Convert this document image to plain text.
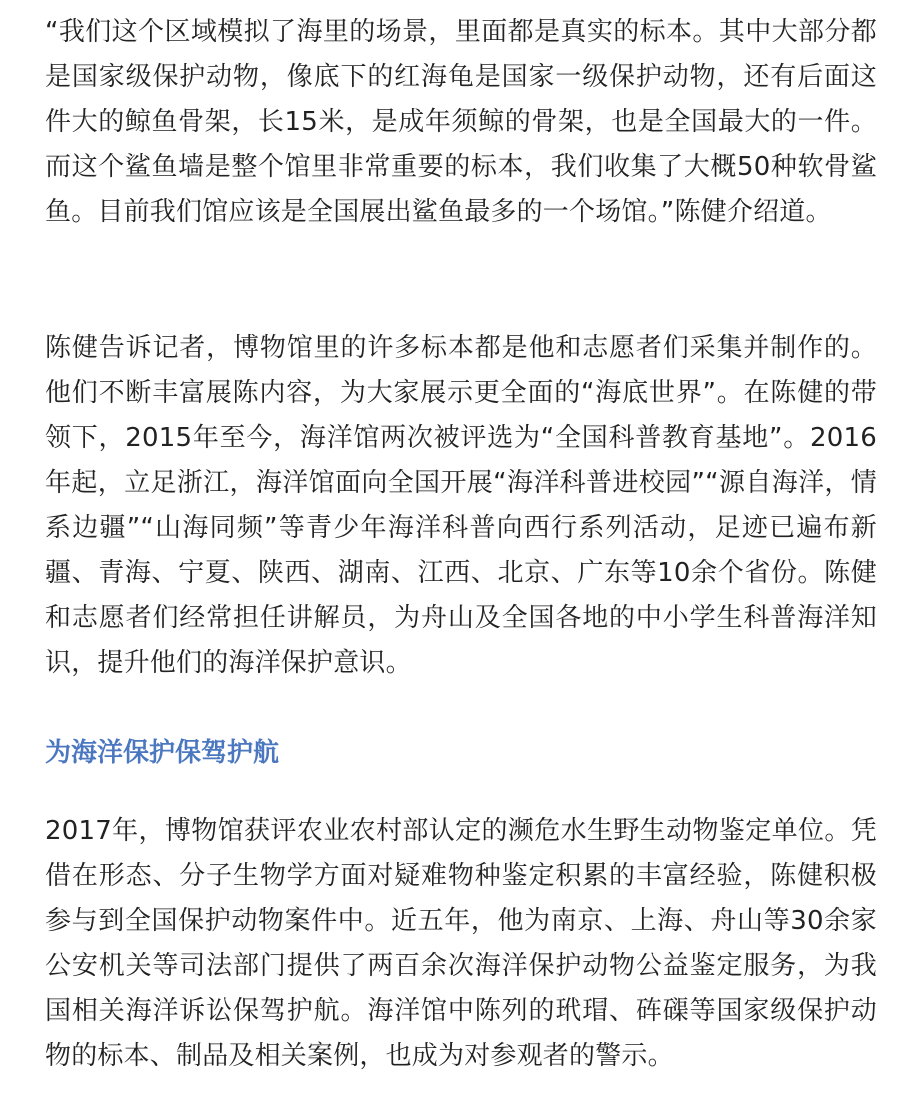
“我们这个区域模拟了海里的场景，里面都是真实的标本。其中大部分都是国家级保护动物，像底下的红海龟是国家一级保护动物，还有后面这件大的鲸鱼骨架，长15米，是成年须鲸的骨架，也是全国最大的一件。而这个鲨鱼墙是整个馆里非常重要的标本，我们收集了大概50种软骨鲨鱼。目前我们馆应该是全国展出鲨鱼最多的一个场馆。”陈健介绍道。

陈健告诉记者，博物馆里的许多标本都是他和志愿者们采集并制作的。他们不断丰富展陈内容，为大家展示更全面的“海底世界”。在陈健的带领下，2015年至今，海洋馆两次被评选为“全国科普教育基地”。2016年起，立足浙江，海洋馆面向全国开展“海洋科普进校园”“源自海洋，情系边疆”“山海同频”等青少年海洋科普向西行系列活动，足迹已遍布新疆、青海、宁夏、陕西、湖南、江西、北京、广东等10余个省份。陈健和志愿者们经常担任讲解员，为舟山及全国各地的中小学生科普海洋知识，提升他们的海洋保护意识。

为海洋保护保驾护航

2017年，博物馆获评农业农村部认定的濒危水生野生动物鉴定单位。凭借在形态、分子生物学方面对疑难物种鉴定积累的丰富经验，陈健积极参与到全国保护动物案件中。近五年，他为南京、上海、舟山等30余家公安机关等司法部门提供了两百余次海洋保护动物公益鉴定服务，为我国相关海洋诉讼保驾护航。海洋馆中陈列的玳瑁、砗磲等国家级保护动物的标本、制品及相关案例，也成为对参观者的警示。
